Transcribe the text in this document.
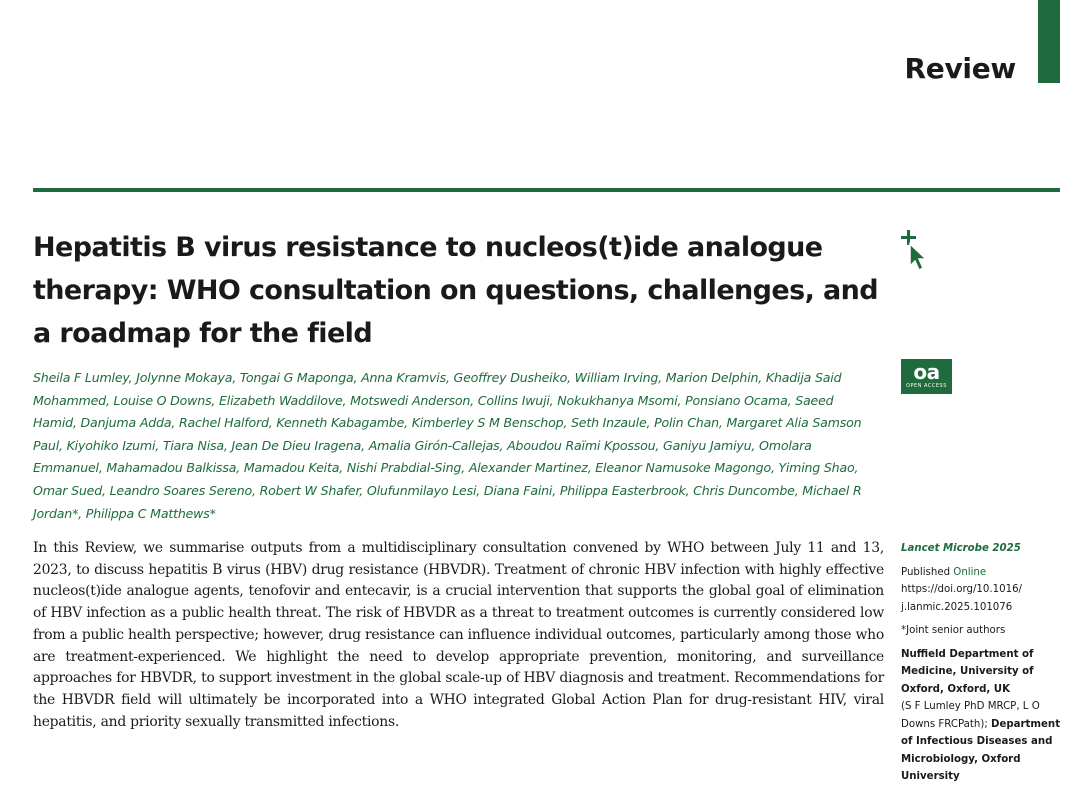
Review
Hepatitis B virus resistance to nucleos(t)ide analogue therapy: WHO consultation on questions, challenges, and a roadmap for the field
oa
OPEN ACCESS
Sheila F Lumley, Jolynne Mokaya, Tongai G Maponga, Anna Kramvis, Geoffrey Dusheiko, William Irving, Marion Delphin, Khadija Said Mohammed, Louise O Downs, Elizabeth Waddilove, Motswedi Anderson, Collins Iwuji, Nokukhanya Msomi, Ponsiano Ocama, Saeed Hamid, Danjuma Adda, Rachel Halford, Kenneth Kabagambe, Kimberley S M Benschop, Seth Inzaule, Polin Chan, Margaret Alia Samson Paul, Kiyohiko Izumi, Tiara Nisa, Jean De Dieu Iragena, Amalia Girón-Callejas, Aboudou Raïmi Kpossou, Ganiyu Jamiyu, Omolara Emmanuel, Mahamadou Balkissa, Mamadou Keita, Nishi Prabdial-Sing, Alexander Martinez, Eleanor Namusoke Magongo, Yiming Shao, Omar Sued, Leandro Soares Sereno, Robert W Shafer, Olufunmilayo Lesi, Diana Faini, Philippa Easterbrook, Chris Duncombe, Michael R Jordan*, Philippa C Matthews*

In this Review, we summarise outputs from a multidisciplinary consultation convened by WHO between July 11 and 13, 2023, to discuss hepatitis B virus (HBV) drug resistance (HBVDR). Treatment of chronic HBV infection with highly effective nucleos(t)ide analogue agents, tenofovir and entecavir, is a crucial intervention that supports the global goal of elimination of HBV infection as a public health threat. The risk of HBVDR as a threat to treatment outcomes is currently considered low from a public health perspective; however, drug resistance can influence individual outcomes, particularly among those who are treatment-experienced. We highlight the need to develop appropriate prevention, monitoring, and surveillance approaches for HBVDR, to support investment in the global scale-up of HBV diagnosis and treatment. Recommendations for the HBVDR field will ultimately be incorporated into a WHO integrated Global Action Plan for drug-resistant HIV, viral hepatitis, and priority sexually transmitted infections.

Lancet Microbe 2025
Published Online
https://doi.org/10.1016/ j.lanmic.2025.101076
*Joint senior authors
Nuffield Department of Medicine, University of Oxford, Oxford, UK
(S F Lumley PhD MRCP, L O Downs FRCPath); Department of Infectious Diseases and Microbiology, Oxford University
